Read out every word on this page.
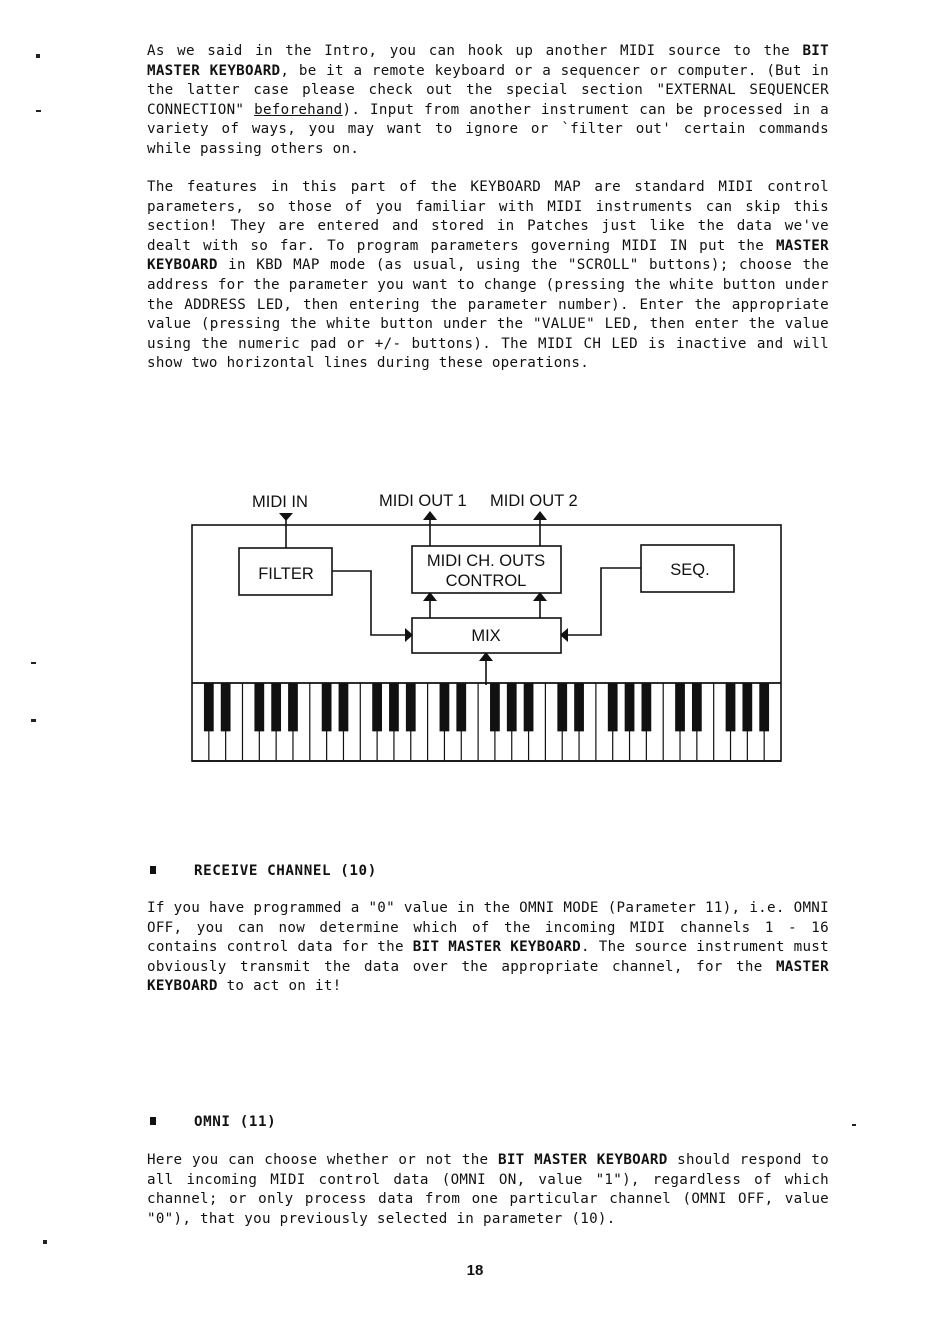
As we said in the Intro, you can hook up another MIDI source to the BIT MASTER KEYBOARD, be it a remote keyboard or a sequencer or computer. (But in the latter case please check out the special section "EXTERNAL SEQUENCER CONNECTION" beforehand). Input from another instrument can be processed in a variety of ways, you may want to ignore or `filter out' certain commands while passing others on.

The features in this part of the KEYBOARD MAP are standard MIDI control parameters, so those of you familiar with MIDI instruments can skip this section! They are entered and stored in Patches just like the data we've dealt with so far. To program parameters governing MIDI IN put the MASTER KEYBOARD in KBD MAP mode (as usual, using the "SCROLL" buttons); choose the address for the parameter you want to change (pressing the white button under the ADDRESS LED, then entering the parameter number). Enter the appropriate value (pressing the white button under the "VALUE" LED, then enter the value using the numeric pad or +/- buttons). The MIDI CH LED is inactive and will show two horizontal lines during these operations.

MIDI IN	MIDI OUT 1 MIDI OUT 2
FILTER
MIDI CH. OUTS
CONTROL
SEQ.
MIX
RECEIVE CHANNEL (10)

If you have programmed a "0" value in the OMNI MODE (Parameter 11), i.e. OMNI OFF, you can now determine which of the incoming MIDI channels 1 - 16 contains control data for the BIT MASTER KEYBOARD. The source instrument must obviously transmit the data over the appropriate channel, for the MASTER KEYBOARD to act on it!

OMNI (11)

Here you can choose whether or not the BIT MASTER KEYBOARD should respond to all incoming MIDI control data (OMNI ON, value "1"), regardless of which channel; or only process data from one particular channel (OMNI OFF, value "0"), that you previously selected in parameter (10).

18
